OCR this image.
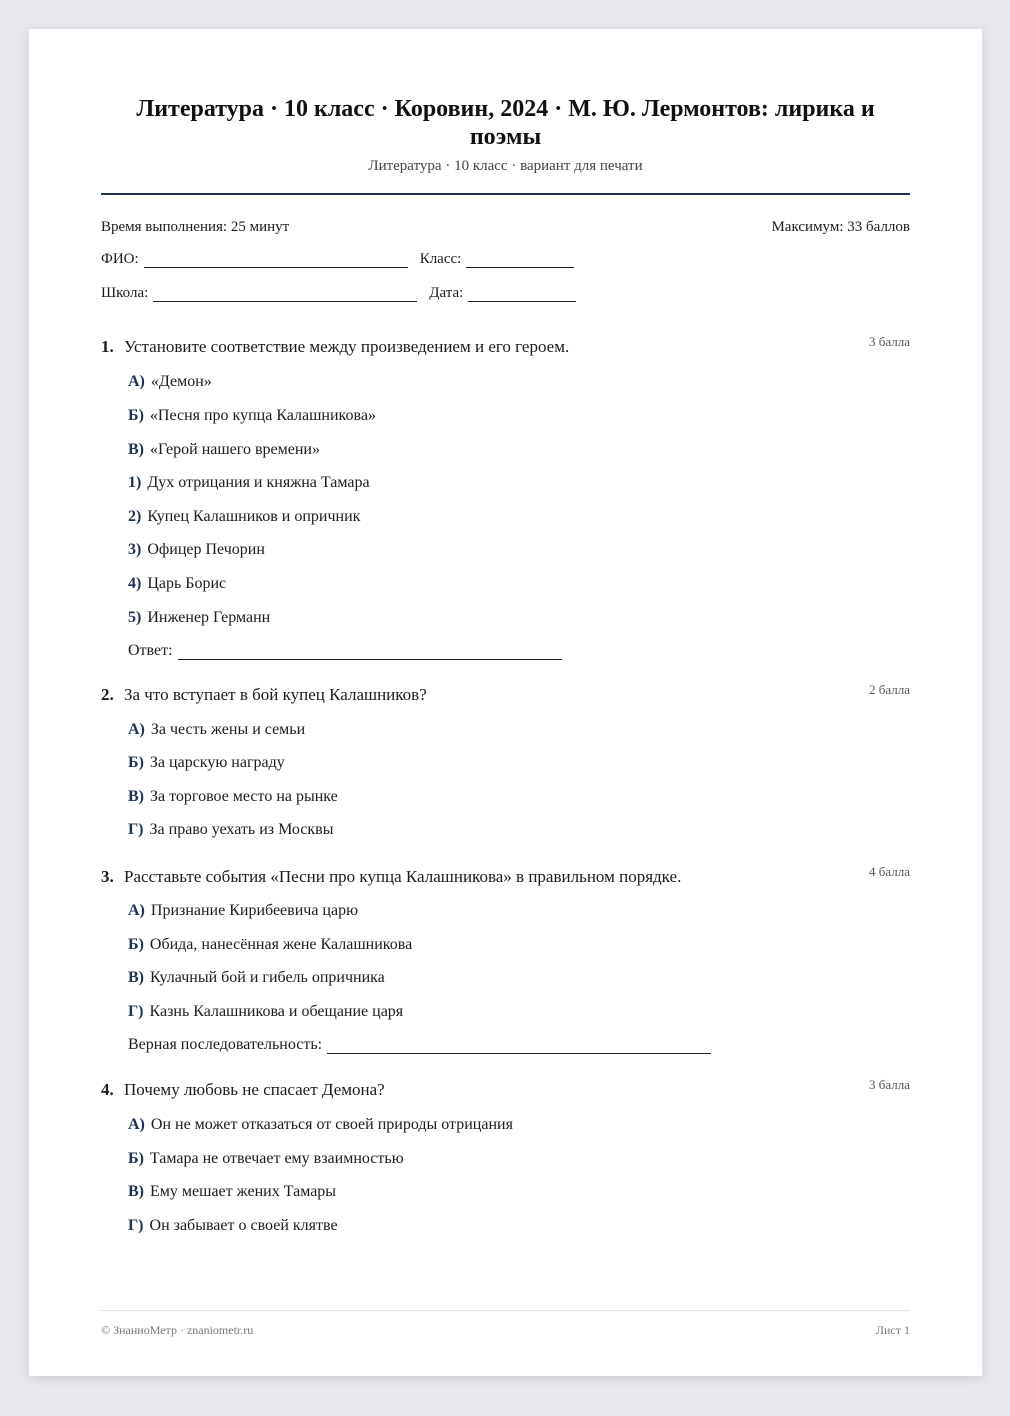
Литература · 10 класс · Коровин, 2024 · М. Ю. Лермонтов: лирика и поэмы
Литература · 10 класс · вариант для печати
Время выполнения: 25 минут	Максимум: 33 баллов
ФИО:	Класс:
Школа:	Дата:
1. Установите соответствие между произведением и его героем.	3 балла
А) «Демон»
Б) «Песня про купца Калашникова»
В) «Герой нашего времени»
1) Дух отрицания и княжна Тамара
2) Купец Калашников и опричник
3) Офицер Печорин
4) Царь Борис
5) Инженер Германн
Ответ:
2. За что вступает в бой купец Калашников?	2 балла
А) За честь жены и семьи
Б) За царскую награду
В) За торговое место на рынке
Г) За право уехать из Москвы
3. Расставьте события «Песни про купца Калашникова» в правильном порядке.	4 балла
А) Признание Кирибеевича царю
Б) Обида, нанесённая жене Калашникова
В) Кулачный бой и гибель опричника
Г) Казнь Калашникова и обещание царя
Верная последовательность:
4. Почему любовь не спасает Демона?	3 балла
А) Он не может отказаться от своей природы отрицания
Б) Тамара не отвечает ему взаимностью
В) Ему мешает жених Тамары
Г) Он забывает о своей клятве
© ЗнаниоМетр · znaniometr.ru	Лист 1
